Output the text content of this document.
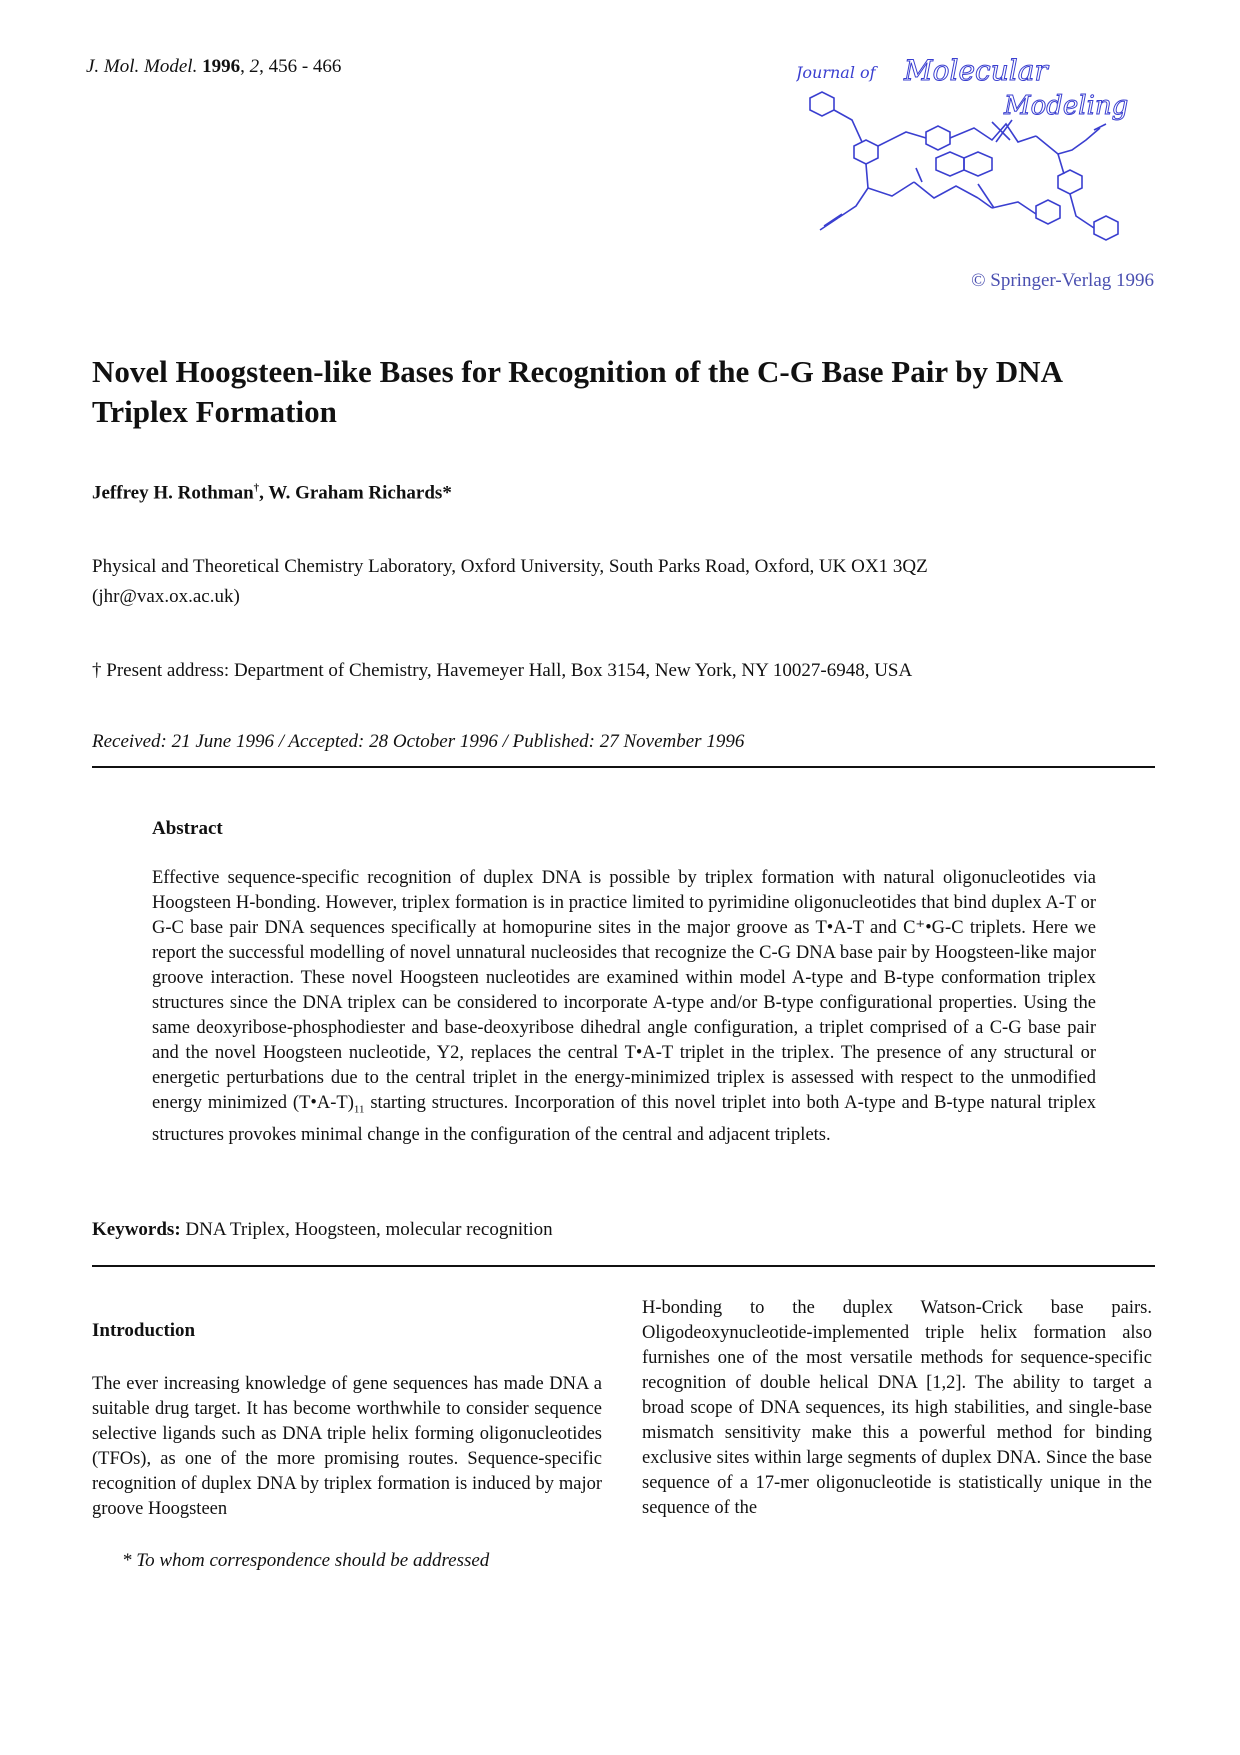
J. Mol. Model. 1996, 2, 456 - 466	Journal of Molecular
Modeling
© Springer-Verlag 1996
Novel Hoogsteen-like Bases for Recognition of the C-G Base Pair by DNA Triplex Formation
Jeffrey H. Rothman†, W. Graham Richards*
Physical and Theoretical Chemistry Laboratory, Oxford University, South Parks Road, Oxford, UK OX1 3QZ
(jhr@vax.ox.ac.uk)
† Present address: Department of Chemistry, Havemeyer Hall, Box 3154, New York, NY 10027-6948, USA
Received: 21 June 1996 / Accepted: 28 October 1996 / Published: 27 November 1996
Abstract
Effective sequence-specific recognition of duplex DNA is possible by triplex formation with natural oligonucleotides via Hoogsteen H-bonding. However, triplex formation is in practice limited to pyrimidine oligonucleotides that bind duplex A-T or G-C base pair DNA sequences specifically at homopurine sites in the major groove as T•A-T and C⁺•G-C triplets. Here we report the successful modelling of novel unnatural nucleosides that recognize the C-G DNA base pair by Hoogsteen-like major groove interaction. These novel Hoogsteen nucleotides are examined within model A-type and B-type conformation triplex structures since the DNA triplex can be considered to incorporate A-type and/or B-type configurational properties. Using the same deoxyribose-phosphodiester and base-deoxyribose dihedral angle configuration, a triplet comprised of a C-G base pair and the novel Hoogsteen nucleotide, Y2, replaces the central T•A-T triplet in the triplex. The presence of any structural or energetic perturbations due to the central triplet in the energy-minimized triplex is assessed with respect to the unmodified energy minimized $(T•A-T)_{11}$ starting structures. Incorporation of this novel triplet into both A-type and B-type natural triplex structures provokes minimal change in the configuration of the central and adjacent triplets.
Keywords: DNA Triplex, Hoogsteen, molecular recognition
Introduction
The ever increasing knowledge of gene sequences has made DNA a suitable drug target. It has become worthwhile to consider sequence selective ligands such as DNA triple helix forming oligonucleotides (TFOs), as one of the more promising routes. Sequence-specific recognition of duplex DNA by triplex formation is induced by major groove Hoogsteen
H-bonding to the duplex Watson-Crick base pairs. Oligodeoxynucleotide-implemented triple helix formation also furnishes one of the most versatile methods for sequence-specific recognition of double helical DNA [1,2]. The ability to target a broad scope of DNA sequences, its high stabilities, and single-base mismatch sensitivity make this a powerful method for binding exclusive sites within large segments of duplex DNA. Since the base sequence of a 17-mer oligonucleotide is statistically unique in the sequence of the
* To whom correspondence should be addressed
